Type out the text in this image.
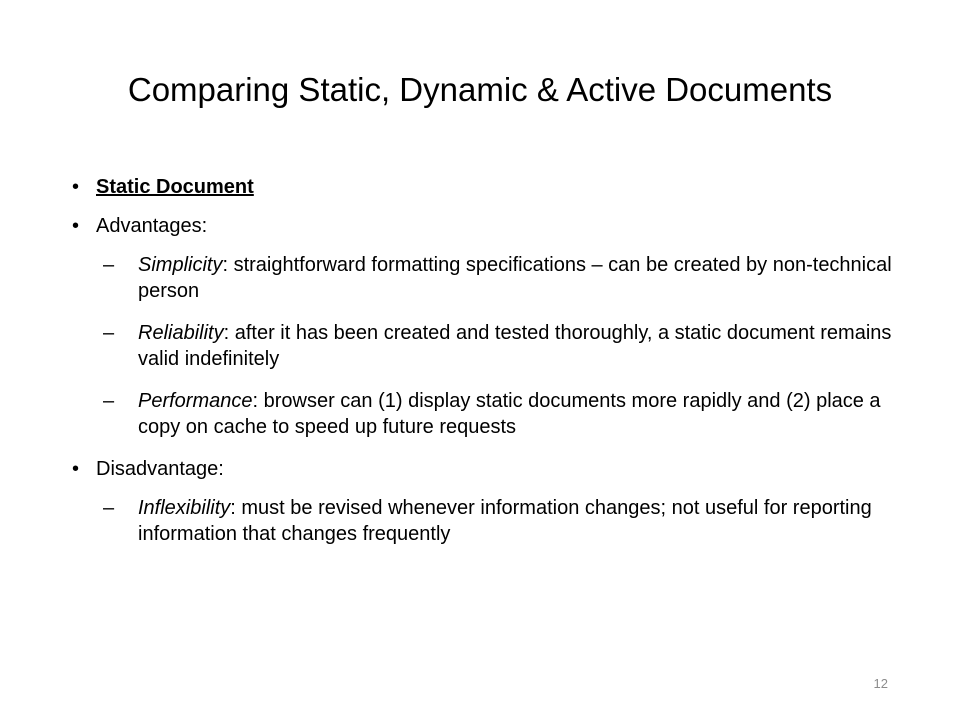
Comparing Static, Dynamic & Active Documents
• Static Document
• Advantages:
– Simplicity: straightforward formatting specifications – can be created by non-technical person
– Reliability: after it has been created and tested thoroughly, a static document remains valid indefinitely
– Performance: browser can (1) display static documents more rapidly and (2) place a copy on cache to speed up future requests
• Disadvantage:
– Inflexibility: must be revised whenever information changes; not useful for reporting information that changes frequently
12
